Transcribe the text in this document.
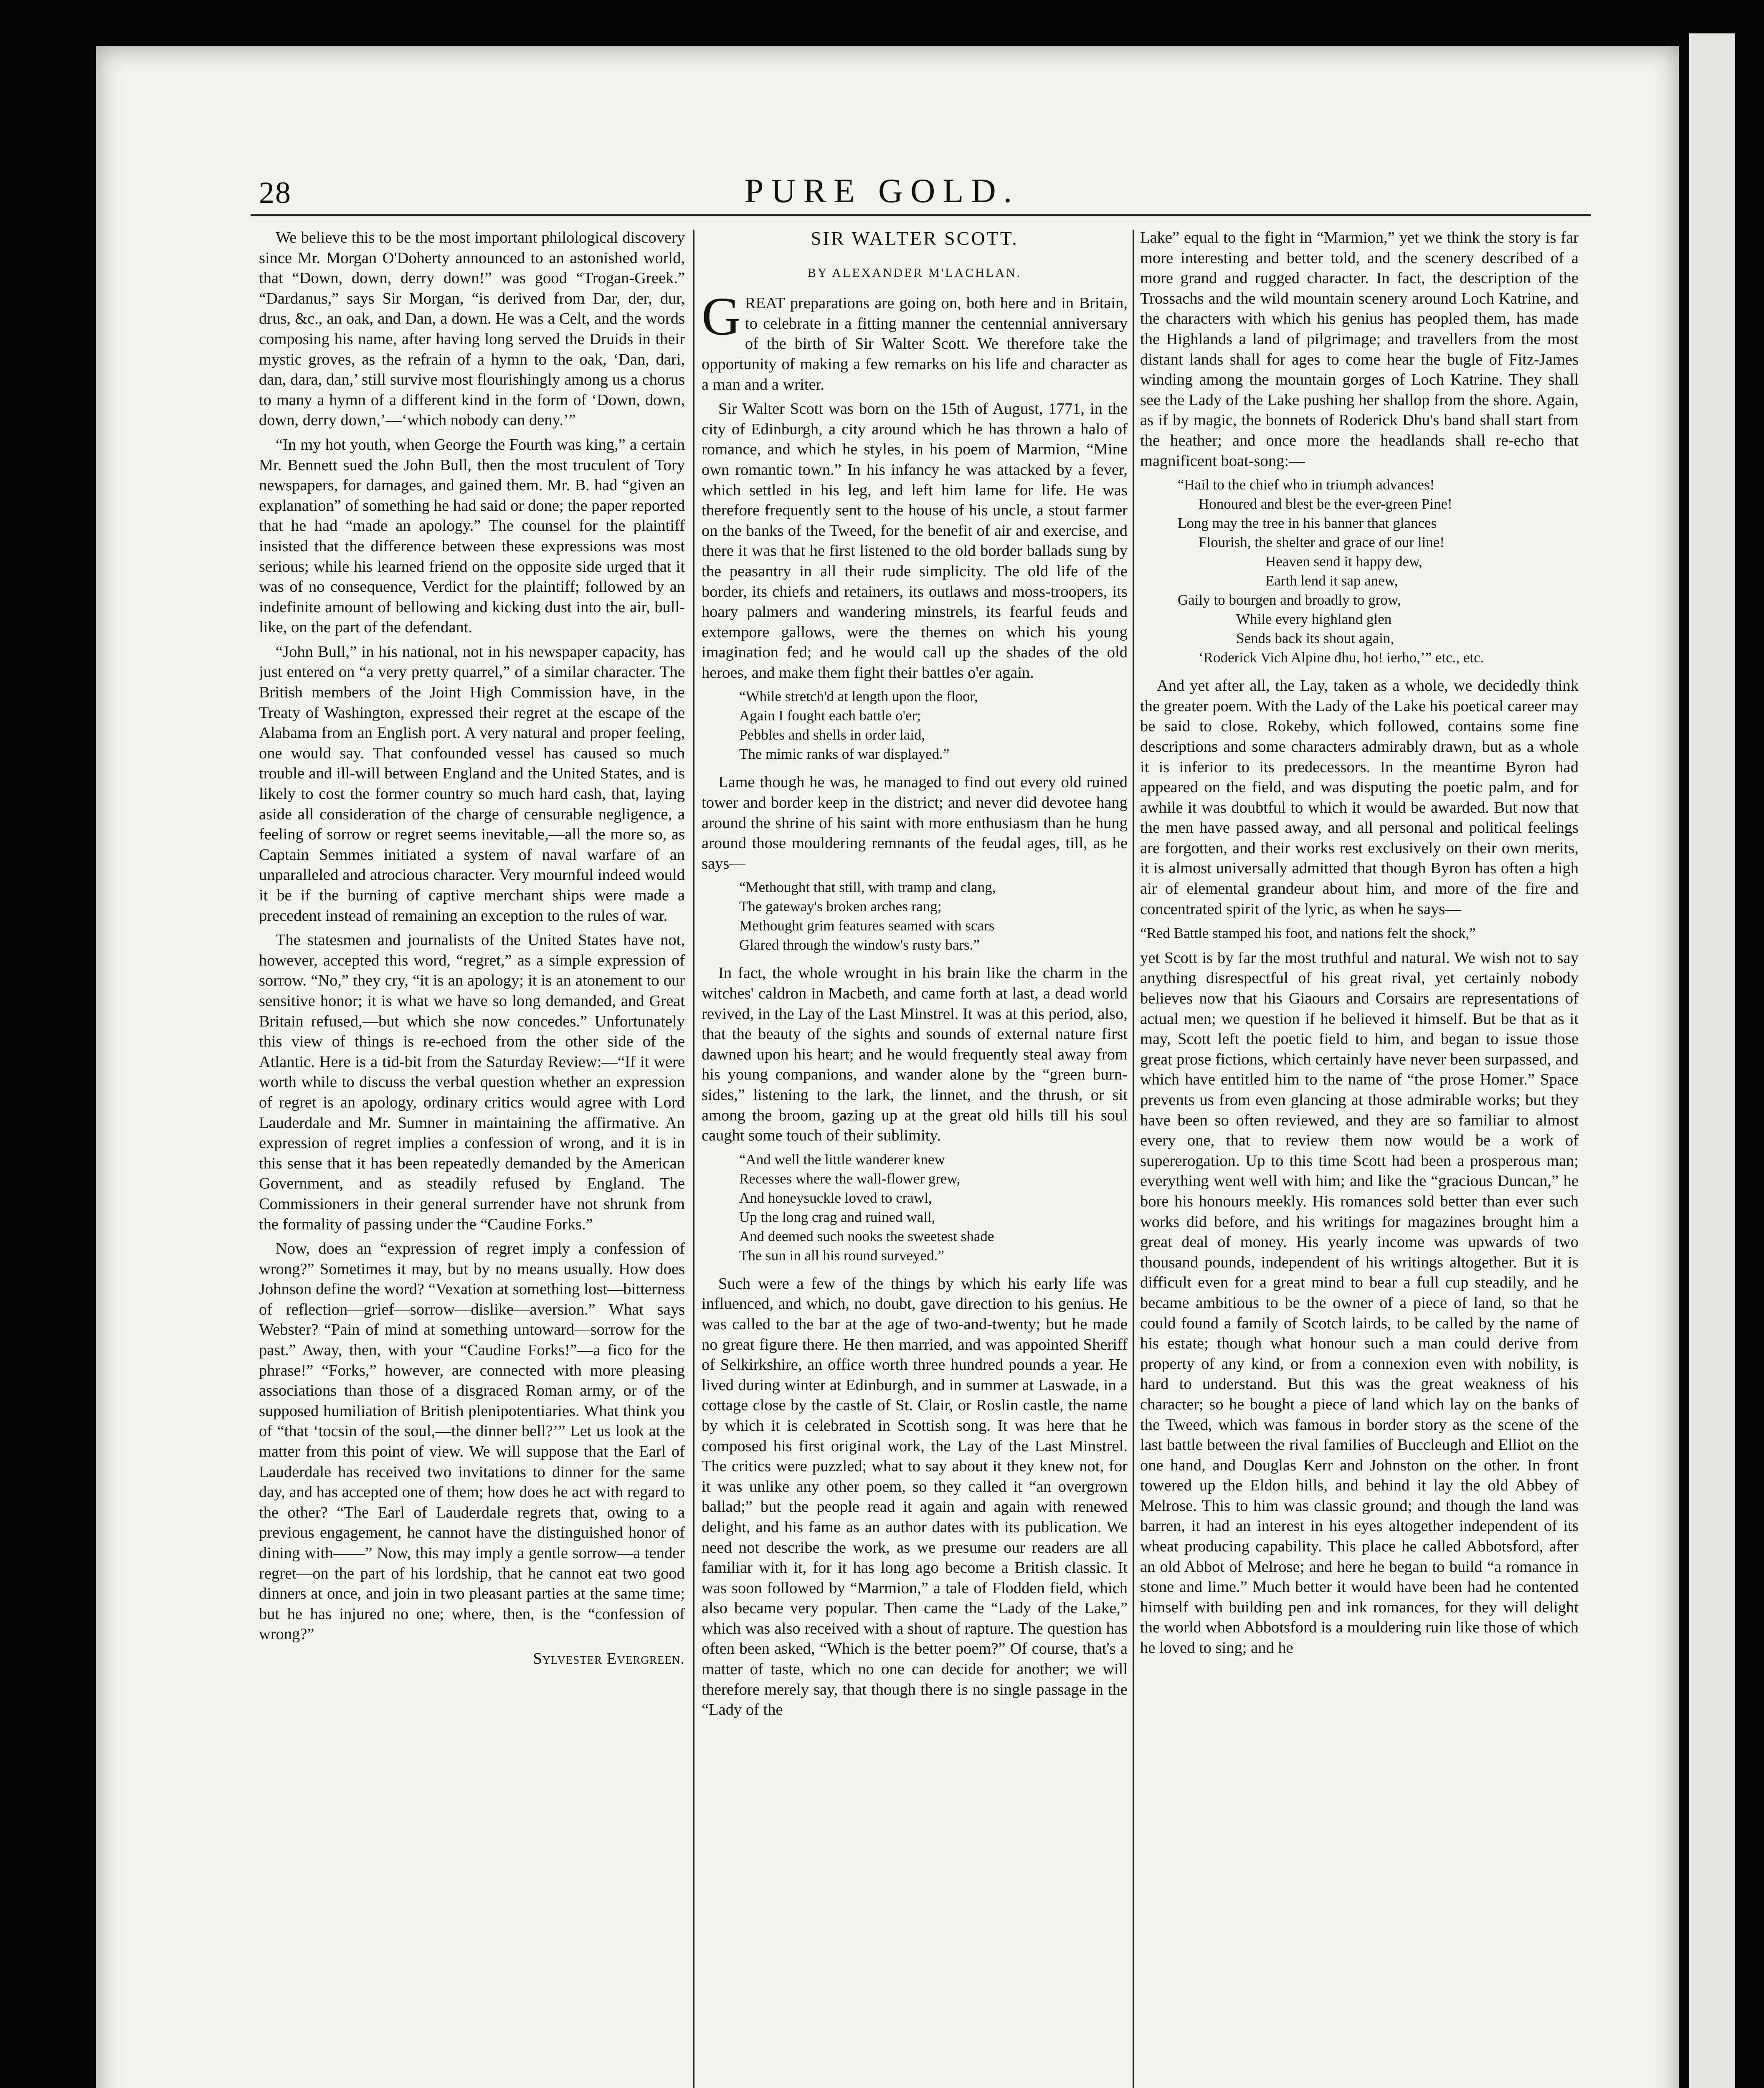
28	PURE GOLD.

We believe this to be the most important philological discovery since Mr. Morgan O'Doherty announced to an astonished world, that “Down, down, derry down!” was good “Trogan-Greek.” “Dardanus,” says Sir Morgan, “is derived from Dar, der, dur, drus, &c., an oak, and Dan, a down. He was a Celt, and the words composing his name, after having long served the Druids in their mystic groves, as the refrain of a hymn to the oak, ‘Dan, dari, dan, dara, dan,’ still survive most flourishingly among us a chorus to many a hymn of a different kind in the form of ‘Down, down, down, derry down,’—‘which nobody can deny.’”

“In my hot youth, when George the Fourth was king,” a certain Mr. Bennett sued the John Bull, then the most truculent of Tory newspapers, for damages, and gained them. Mr. B. had “given an explanation” of something he had said or done; the paper reported that he had “made an apology.” The counsel for the plaintiff insisted that the difference between these expressions was most serious; while his learned friend on the opposite side urged that it was of no consequence, Verdict for the plaintiff; followed by an indefinite amount of bellowing and kicking dust into the air, bull-like, on the part of the defendant.

“John Bull,” in his national, not in his newspaper capacity, has just entered on “a very pretty quarrel,” of a similar character. The British members of the Joint High Commission have, in the Treaty of Washington, expressed their regret at the escape of the Alabama from an English port. A very natural and proper feeling, one would say. That confounded vessel has caused so much trouble and ill-will between England and the United States, and is likely to cost the former country so much hard cash, that, laying aside all consideration of the charge of censurable negligence, a feeling of sorrow or regret seems inevitable,—all the more so, as Captain Semmes initiated a system of naval warfare of an unparalleled and atrocious character. Very mournful indeed would it be if the burning of captive merchant ships were made a precedent instead of remaining an exception to the rules of war.

The statesmen and journalists of the United States have not, however, accepted this word, “regret,” as a simple expression of sorrow. “No,” they cry, “it is an apology; it is an atonement to our sensitive honor; it is what we have so long demanded, and Great Britain refused,—but which she now concedes.” Unfortunately this view of things is re-echoed from the other side of the Atlantic. Here is a tid-bit from the Saturday Review:—“If it were worth while to discuss the verbal question whether an expression of regret is an apology, ordinary critics would agree with Lord Lauderdale and Mr. Sumner in maintaining the affirmative. An expression of regret implies a confession of wrong, and it is in this sense that it has been repeatedly demanded by the American Government, and as steadily refused by England. The Commissioners in their general surrender have not shrunk from the formality of passing under the “Caudine Forks.”

Now, does an “expression of regret imply a confession of wrong?” Sometimes it may, but by no means usually. How does Johnson define the word? “Vexation at something lost—bitterness of reflection—grief—sorrow—dislike—aversion.” What says Webster? “Pain of mind at something untoward—sorrow for the past.” Away, then, with your “Caudine Forks!”—a fico for the phrase!” “Forks,” however, are connected with more pleasing associations than those of a disgraced Roman army, or of the supposed humiliation of British plenipotentiaries. What think you of “that ‘tocsin of the soul,—the dinner bell?’” Let us look at the matter from this point of view. We will suppose that the Earl of Lauderdale has received two invitations to dinner for the same day, and has accepted one of them; how does he act with regard to the other? “The Earl of Lauderdale regrets that, owing to a previous engagement, he cannot have the distinguished honor of dining with——” Now, this may imply a gentle sorrow—a tender regret—on the part of his lordship, that he cannot eat two good dinners at once, and join in two pleasant parties at the same time; but he has injured no one; where, then, is the “confession of wrong?”

Sylvester Evergreen.

SIR WALTER SCOTT.
BY ALEXANDER M'LACHLAN.

GREAT preparations are going on, both here and in Britain, to celebrate in a fitting manner the centennial anniversary of the birth of Sir Walter Scott. We therefore take the opportunity of making a few remarks on his life and character as a man and a writer.

Sir Walter Scott was born on the 15th of August, 1771, in the city of Edinburgh, a city around which he has thrown a halo of romance, and which he styles, in his poem of Marmion, “Mine own romantic town.” In his infancy he was attacked by a fever, which settled in his leg, and left him lame for life. He was therefore frequently sent to the house of his uncle, a stout farmer on the banks of the Tweed, for the benefit of air and exercise, and there it was that he first listened to the old border ballads sung by the peasantry in all their rude simplicity. The old life of the border, its chiefs and retainers, its outlaws and moss-troopers, its hoary palmers and wandering minstrels, its fearful feuds and extempore gallows, were the themes on which his young imagination fed; and he would call up the shades of the old heroes, and make them fight their battles o'er again.

“While stretch'd at length upon the floor,
Again I fought each battle o'er;
Pebbles and shells in order laid,
The mimic ranks of war displayed.”

Lame though he was, he managed to find out every old ruined tower and border keep in the district; and never did devotee hang around the shrine of his saint with more enthusiasm than he hung around those mouldering remnants of the feudal ages, till, as he says—

“Methought that still, with tramp and clang,
The gateway's broken arches rang;
Methought grim features seamed with scars
Glared through the window's rusty bars.”

In fact, the whole wrought in his brain like the charm in the witches' caldron in Macbeth, and came forth at last, a dead world revived, in the Lay of the Last Minstrel. It was at this period, also, that the beauty of the sights and sounds of external nature first dawned upon his heart; and he would frequently steal away from his young companions, and wander alone by the “green burn-sides,” listening to the lark, the linnet, and the thrush, or sit among the broom, gazing up at the great old hills till his soul caught some touch of their sublimity.

“And well the little wanderer knew
Recesses where the wall-flower grew,
And honeysuckle loved to crawl,
Up the long crag and ruined wall,
And deemed such nooks the sweetest shade
The sun in all his round surveyed.”

Such were a few of the things by which his early life was influenced, and which, no doubt, gave direction to his genius. He was called to the bar at the age of two-and-twenty; but he made no great figure there. He then married, and was appointed Sheriff of Selkirkshire, an office worth three hundred pounds a year. He lived during winter at Edinburgh, and in summer at Laswade, in a cottage close by the castle of St. Clair, or Roslin castle, the name by which it is celebrated in Scottish song. It was here that he composed his first original work, the Lay of the Last Minstrel. The critics were puzzled; what to say about it they knew not, for it was unlike any other poem, so they called it “an overgrown ballad;” but the people read it again and again with renewed delight, and his fame as an author dates with its publication. We need not describe the work, as we presume our readers are all familiar with it, for it has long ago become a British classic. It was soon followed by “Marmion,” a tale of Flodden field, which also became very popular. Then came the “Lady of the Lake,” which was also received with a shout of rapture. The question has often been asked, “Which is the better poem?” Of course, that's a matter of taste, which no one can decide for another; we will therefore merely say, that though there is no single passage in the “Lady of the

Lake” equal to the fight in “Marmion,” yet we think the story is far more interesting and better told, and the scenery described of a more grand and rugged character. In fact, the description of the Trossachs and the wild mountain scenery around Loch Katrine, and the characters with which his genius has peopled them, has made the Highlands a land of pilgrimage; and travellers from the most distant lands shall for ages to come hear the bugle of Fitz-James winding among the mountain gorges of Loch Katrine. They shall see the Lady of the Lake pushing her shallop from the shore. Again, as if by magic, the bonnets of Roderick Dhu's band shall start from the heather; and once more the headlands shall re-echo that magnificent boat-song:—

“Hail to the chief who in triumph advances!
Honoured and blest be the ever-green Pine!
Long may the tree in his banner that glances
Flourish, the shelter and grace of our line!
Heaven send it happy dew,
Earth lend it sap anew,
Gaily to bourgen and broadly to grow,
While every highland glen
Sends back its shout again,
‘Roderick Vich Alpine dhu, ho! ierho,’” etc., etc.

And yet after all, the Lay, taken as a whole, we decidedly think the greater poem. With the Lady of the Lake his poetical career may be said to close. Rokeby, which followed, contains some fine descriptions and some characters admirably drawn, but as a whole it is inferior to its predecessors. In the meantime Byron had appeared on the field, and was disputing the poetic palm, and for awhile it was doubtful to which it would be awarded. But now that the men have passed away, and all personal and political feelings are forgotten, and their works rest exclusively on their own merits, it is almost universally admitted that though Byron has often a high air of elemental grandeur about him, and more of the fire and concentrated spirit of the lyric, as when he says—

“Red Battle stamped his foot, and nations felt the shock,”

yet Scott is by far the most truthful and natural. We wish not to say anything disrespectful of his great rival, yet certainly nobody believes now that his Giaours and Corsairs are representations of actual men; we question if he believed it himself. But be that as it may, Scott left the poetic field to him, and began to issue those great prose fictions, which certainly have never been surpassed, and which have entitled him to the name of “the prose Homer.” Space prevents us from even glancing at those admirable works; but they have been so often reviewed, and they are so familiar to almost every one, that to review them now would be a work of supererogation. Up to this time Scott had been a prosperous man; everything went well with him; and like the “gracious Duncan,” he bore his honours meekly. His romances sold better than ever such works did before, and his writings for magazines brought him a great deal of money. His yearly income was upwards of two thousand pounds, independent of his writings altogether. But it is difficult even for a great mind to bear a full cup steadily, and he became ambitious to be the owner of a piece of land, so that he could found a family of Scotch lairds, to be called by the name of his estate; though what honour such a man could derive from property of any kind, or from a connexion even with nobility, is hard to understand. But this was the great weakness of his character; so he bought a piece of land which lay on the banks of the Tweed, which was famous in border story as the scene of the last battle between the rival families of Buccleugh and Elliot on the one hand, and Douglas Kerr and Johnston on the other. In front towered up the Eldon hills, and behind it lay the old Abbey of Melrose. This to him was classic ground; and though the land was barren, it had an interest in his eyes altogether independent of its wheat producing capability. This place he called Abbotsford, after an old Abbot of Melrose; and here he began to build “a romance in stone and lime.” Much better it would have been had he contented himself with building pen and ink romances, for they will delight the world when Abbotsford is a mouldering ruin like those of which he loved to sing; and he
